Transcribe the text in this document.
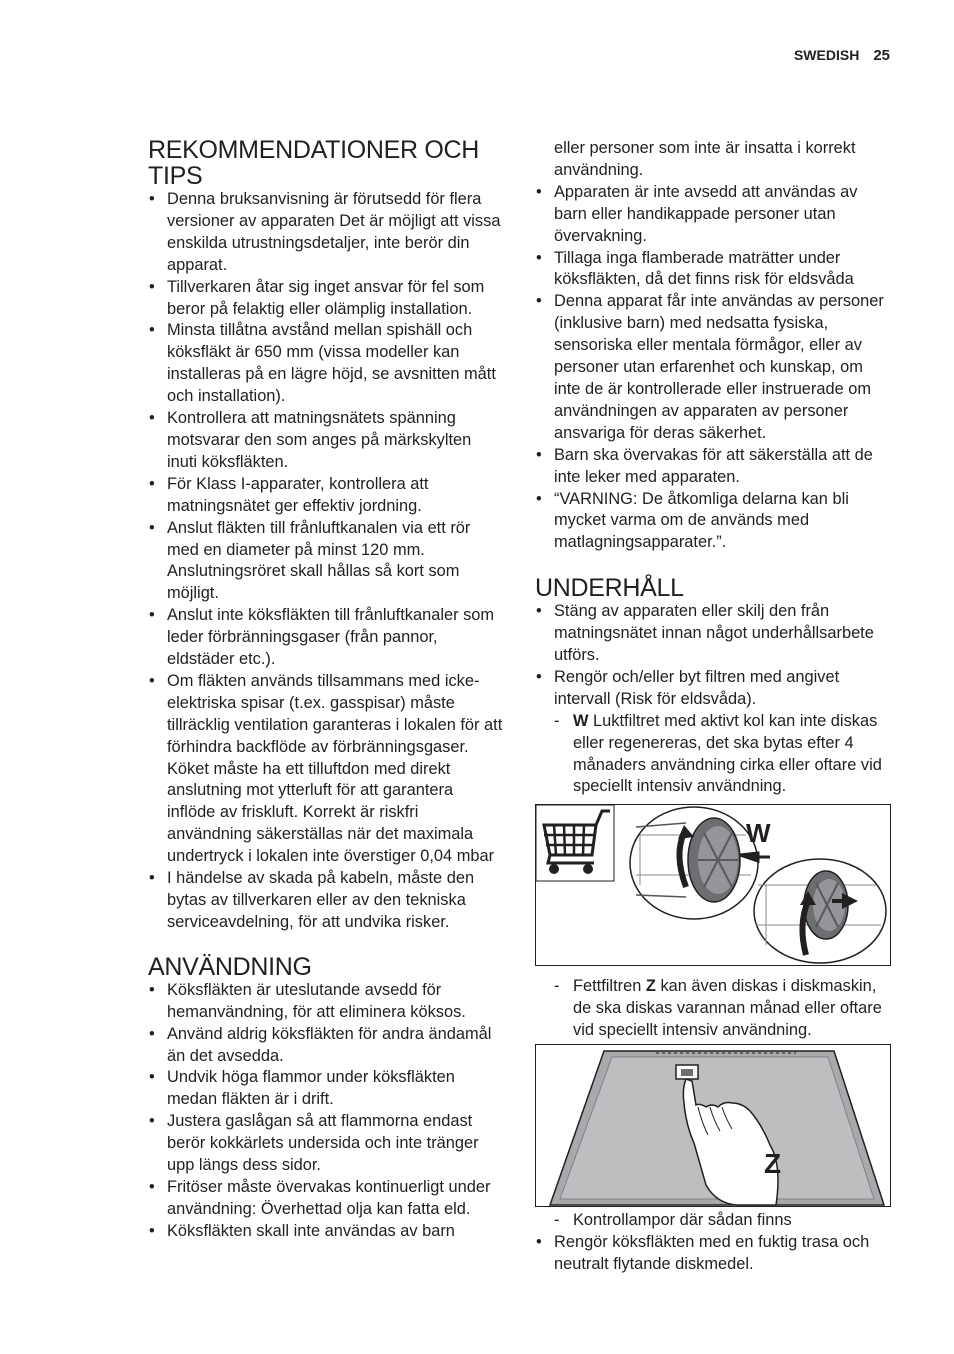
SWEDISH 25
REKOMMENDATIONER OCH TIPS
• Denna bruksanvisning är förutsedd för flera versioner av apparaten Det är möjligt att vissa enskilda utrustningsdetaljer, inte berör din apparat.
• Tillverkaren åtar sig inget ansvar för fel som beror på felaktig eller olämplig installation.
• Minsta tillåtna avstånd mellan spishäll och köksfläkt är 650 mm (vissa modeller kan installeras på en lägre höjd, se avsnitten mått och installation).
• Kontrollera att matningsnätets spänning motsvarar den som anges på märkskylten inuti köksfläkten.
• För Klass I-apparater, kontrollera att matningsnätet ger effektiv jordning.
• Anslut fläkten till frånluftkanalen via ett rör med en diameter på minst 120 mm. Anslutningsröret skall hållas så kort som möjligt.
• Anslut inte köksfläkten till frånluftkanaler som leder förbränningsgaser (från pannor, eldstäder etc.).
• Om fläkten används tillsammans med icke-elektriska spisar (t.ex. gasspisar) måste tillräcklig ventilation garanteras i lokalen för att förhindra backflöde av förbränningsgaser. Köket måste ha ett tilluftdon med direkt anslutning mot ytterluft för att garantera inflöde av friskluft. Korrekt är riskfri användning säkerställas när det maximala undertryck i lokalen inte överstiger 0,04 mbar
• I händelse av skada på kabeln, måste den bytas av tillverkaren eller av den tekniska serviceavdelning, för att undvika risker.
ANVÄNDNING
• Köksfläkten är uteslutande avsedd för hemanvändning, för att eliminera köksos.
• Använd aldrig köksfläkten för andra ändamål än det avsedda.
• Undvik höga flammor under köksfläkten medan fläkten är i drift.
• Justera gaslågan så att flammorna endast berör kokkärlets undersida och inte tränger upp längs dess sidor.
• Fritöser måste övervakas kontinuerligt under användning: Överhettad olja kan fatta eld.
• Köksfläkten skall inte användas av barn
eller personer som inte är insatta i korrekt användning.
• Apparaten är inte avsedd att användas av barn eller handikappade personer utan övervakning.
• Tillaga inga flamberade maträtter under köksfläkten, då det finns risk för eldsvåda
• Denna apparat får inte användas av personer (inklusive barn) med nedsatta fysiska, sensoriska eller mentala förmågor, eller av personer utan erfarenhet och kunskap, om inte de är kontrollerade eller instruerade om användningen av apparaten av personer ansvariga för deras säkerhet.
• Barn ska övervakas för att säkerställa att de inte leker med apparaten.
• “VARNING: De åtkomliga delarna kan bli mycket varma om de används med matlagningsapparater.”.
UNDERHÅLL
• Stäng av apparaten eller skilj den från matningsnätet innan något underhållsarbete utförs.
• Rengör och/eller byt filtren med angivet intervall (Risk för eldsvåda).
- W Luktfiltret med aktivt kol kan inte diskas eller regenereras, det ska bytas efter 4 månaders användning cirka eller oftare vid speciellt intensiv användning.
W
- Fettfiltren Z kan även diskas i diskmaskin, de ska diskas varannan månad eller oftare vid speciellt intensiv användning.
Z
- Kontrollampor där sådan finns
• Rengör köksfläkten med en fuktig trasa och neutralt flytande diskmedel.
